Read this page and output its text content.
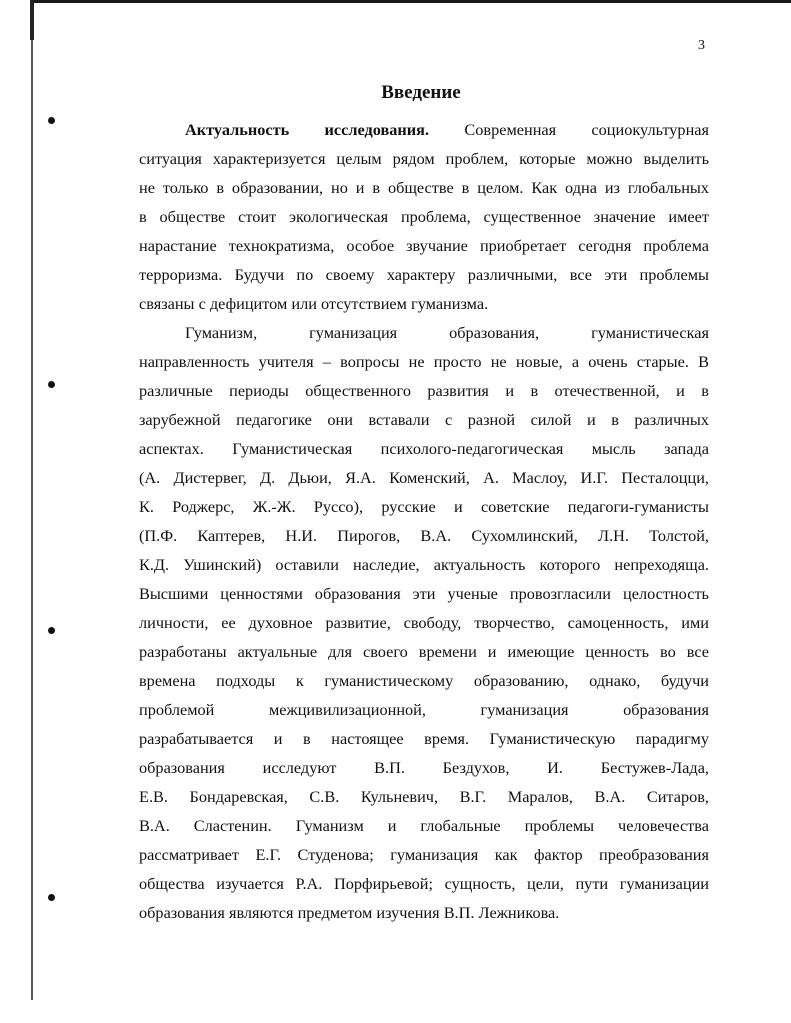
3
Введение
Актуальность исследования. Современная социокультурная
ситуация характеризуется целым рядом проблем, которые можно выделить
не только в образовании, но и в обществе в целом. Как одна из глобальных
в обществе стоит экологическая проблема, существенное значение имеет
нарастание технократизма, особое звучание приобретает сегодня проблема
терроризма. Будучи по своему характеру различными, все эти проблемы
связаны с дефицитом или отсутствием гуманизма.
Гуманизм, гуманизация образования, гуманистическая
направленность учителя – вопросы не просто не новые, а очень старые. В
различные периоды общественного развития и в отечественной, и в
зарубежной педагогике они вставали с разной силой и в различных
аспектах. Гуманистическая психолого-педагогическая мысль запада
(А. Дистервег, Д. Дьюи, Я.А. Коменский, А. Маслоу, И.Г. Песталоцци,
К. Роджерс, Ж.-Ж. Руссо), русские и советские педагоги-гуманисты
(П.Ф. Каптерев, Н.И. Пирогов, В.А. Сухомлинский, Л.Н. Толстой,
К.Д. Ушинский) оставили наследие, актуальность которого непреходяща.
Высшими ценностями образования эти ученые провозгласили целостность
личности, ее духовное развитие, свободу, творчество, самоценность, ими
разработаны актуальные для своего времени и имеющие ценность во все
времена подходы к гуманистическому образованию, однако, будучи
проблемой межцивилизационной, гуманизация образования
разрабатывается и в настоящее время. Гуманистическую парадигму
образования исследуют В.П. Бездухов, И. Бестужев-Лада,
Е.В. Бондаревская, С.В. Кульневич, В.Г. Маралов, В.А. Ситаров,
В.А. Сластенин. Гуманизм и глобальные проблемы человечества
рассматривает Е.Г. Студенова; гуманизация как фактор преобразования
общества изучается Р.А. Порфирьевой; сущность, цели, пути гуманизации
образования являются предметом изучения В.П. Лежникова.
